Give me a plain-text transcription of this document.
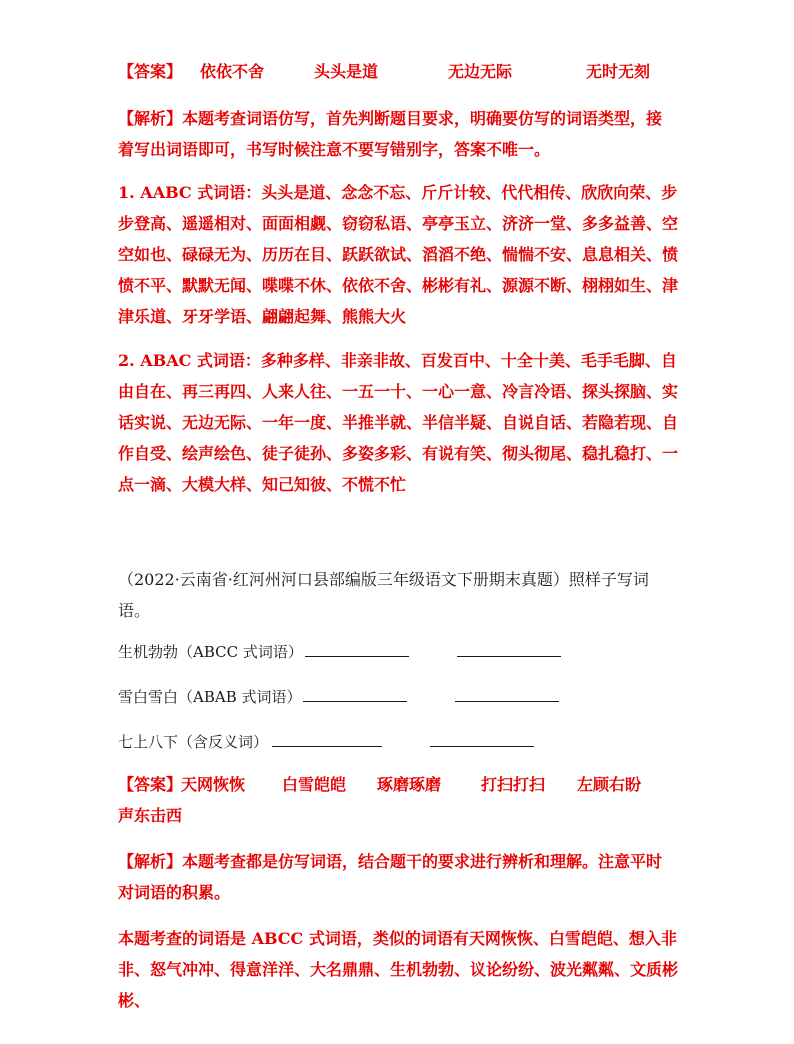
【答案】 依依不舍	头头是道	无边无际	无时无刻

【解析】本题考查词语仿写，首先判断题目要求，明确要仿写的词语类型，接着写出词语即可，书写时候注意不要写错别字，答案不唯一。

1. AABC 式词语：头头是道、念念不忘、斤斤计较、代代相传、欣欣向荣、步步登高、遥遥相对、面面相觑、窃窃私语、亭亭玉立、济济一堂、多多益善、空空如也、碌碌无为、历历在目、跃跃欲试、滔滔不绝、惴惴不安、息息相关、愤愤不平、默默无闻、喋喋不休、依依不舍、彬彬有礼、源源不断、栩栩如生、津津乐道、牙牙学语、翩翩起舞、熊熊大火

2. ABAC 式词语：多种多样、非亲非故、百发百中、十全十美、毛手毛脚、自由自在、再三再四、人来人往、一五一十、一心一意、冷言冷语、探头探脑、实话实说、无边无际、一年一度、半推半就、半信半疑、自说自话、若隐若现、自作自受、绘声绘色、徒子徒孙、多姿多彩、有说有笑、彻头彻尾、稳扎稳打、一点一滴、大模大样、知己知彼、不慌不忙

（2022·云南省·红河州河口县部编版三年级语文下册期末真题）照样子写词语。

生机勃勃（ABCC 式词语）
雪白雪白（ABAB 式词语）
七上八下（含反义词）
【答案】
天网恢恢 白雪皑皑 琢磨琢磨 打扫打扫 左顾右盼
声东击西

【解析】本题考查都是仿写词语，结合题干的要求进行辨析和理解。注意平时对词语的积累。

本题考查的词语是 ABCC 式词语，类似的词语有天网恢恢、白雪皑皑、想入非非、怒气冲冲、得意洋洋、大名鼎鼎、生机勃勃、议论纷纷、波光粼粼、文质彬彬、
